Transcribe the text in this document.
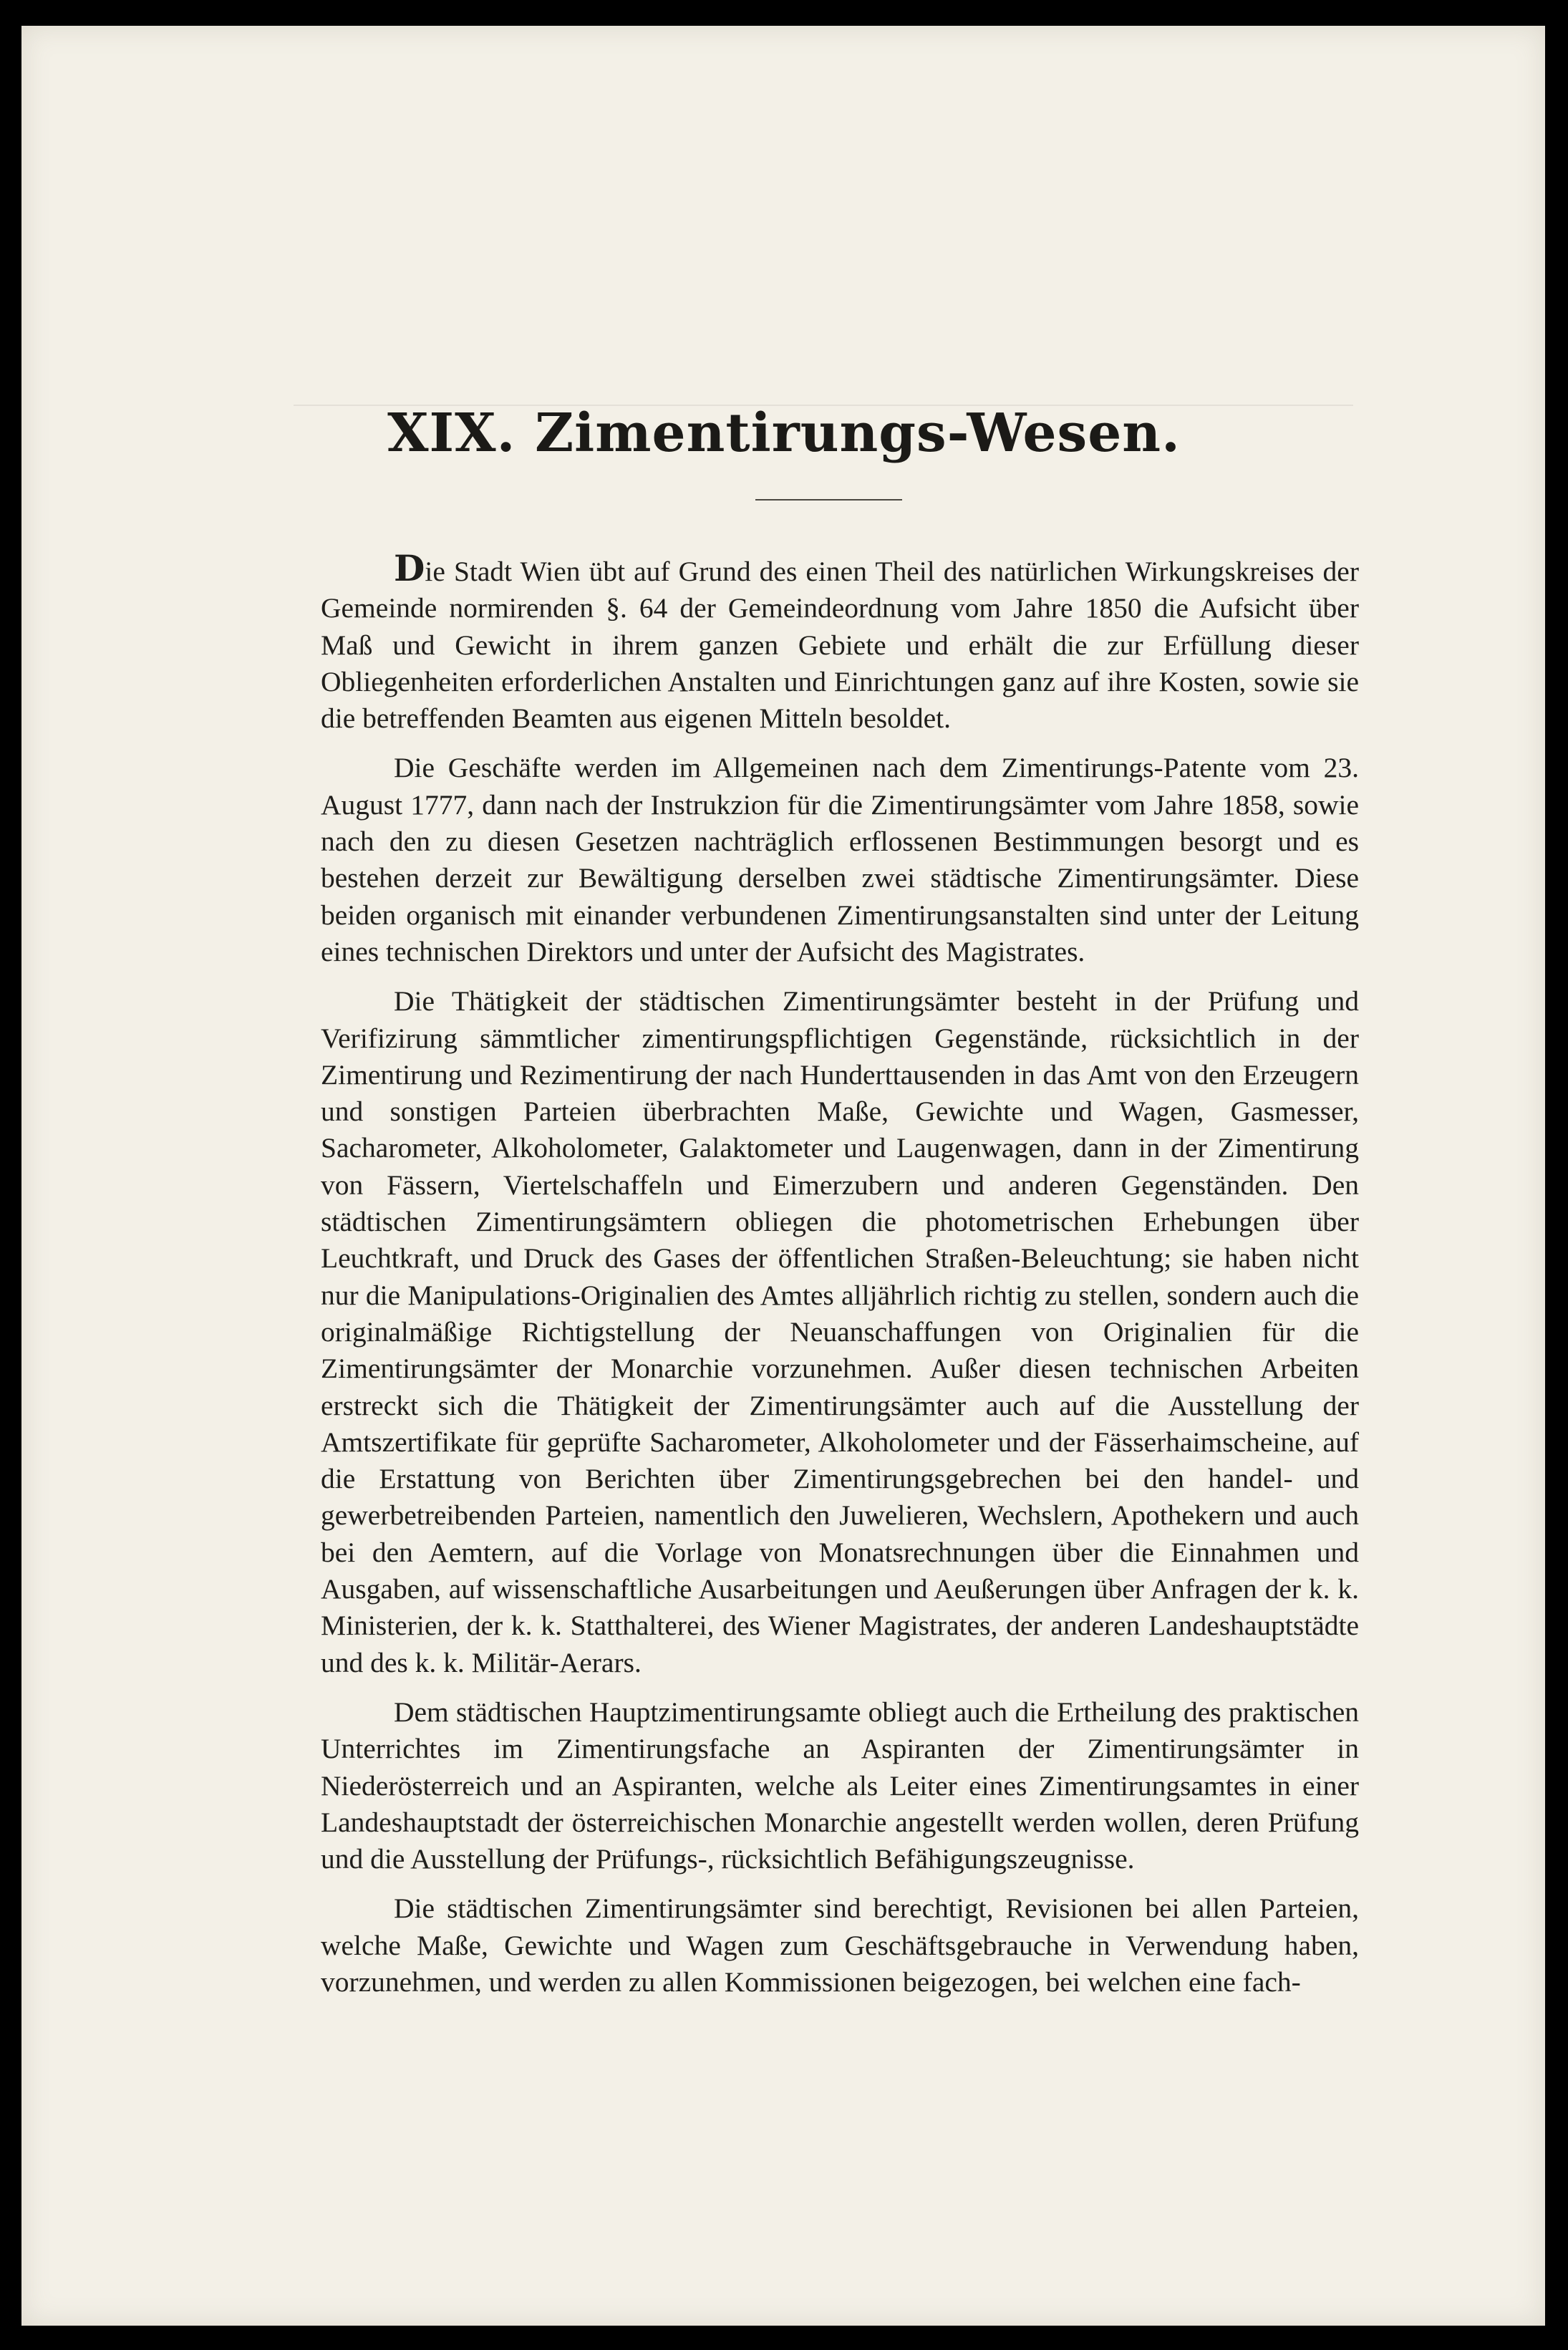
XIX. Zimentirungs-Wesen.

Die Stadt Wien übt auf Grund des einen Theil des natürlichen Wirkungskreises der Gemeinde normirenden §. 64 der Gemeindeordnung vom Jahre 1850 die Aufsicht über Maß und Gewicht in ihrem ganzen Gebiete und erhält die zur Erfüllung dieser Obliegenheiten erforderlichen Anstalten und Einrichtungen ganz auf ihre Kosten, sowie sie die betreffenden Beamten aus eigenen Mitteln besoldet.

Die Geschäfte werden im Allgemeinen nach dem Zimentirungs-Patente vom 23. August 1777, dann nach der Instrukzion für die Zimentirungsämter vom Jahre 1858, sowie nach den zu diesen Gesetzen nachträglich erflossenen Bestimmungen besorgt und es bestehen derzeit zur Bewältigung derselben zwei städtische Zimentirungsämter. Diese beiden organisch mit einander verbundenen Zimentirungsanstalten sind unter der Leitung eines technischen Direktors und unter der Aufsicht des Magistrates.

Die Thätigkeit der städtischen Zimentirungsämter besteht in der Prüfung und Verifizirung sämmtlicher zimentirungspflichtigen Gegenstände, rücksichtlich in der Zimentirung und Rezimentirung der nach Hunderttausenden in das Amt von den Erzeugern und sonstigen Parteien überbrachten Maße, Gewichte und Wagen, Gasmesser, Sacharometer, Alkoholometer, Galaktometer und Laugenwagen, dann in der Zimentirung von Fässern, Viertelschaffeln und Eimerzubern und anderen Gegenständen. Den städtischen Zimentirungsämtern obliegen die photometrischen Erhebungen über Leuchtkraft, und Druck des Gases der öffentlichen Straßen-Beleuchtung; sie haben nicht nur die Manipulations-Originalien des Amtes alljährlich richtig zu stellen, sondern auch die originalmäßige Richtigstellung der Neuanschaffungen von Originalien für die Zimentirungsämter der Monarchie vorzunehmen. Außer diesen technischen Arbeiten erstreckt sich die Thätigkeit der Zimentirungsämter auch auf die Ausstellung der Amtszertifikate für geprüfte Sacharometer, Alkoholometer und der Fässerhaimscheine, auf die Erstattung von Berichten über Zimentirungsgebrechen bei den handel- und gewerbetreibenden Parteien, namentlich den Juwelieren, Wechslern, Apothekern und auch bei den Aemtern, auf die Vorlage von Monatsrechnungen über die Einnahmen und Ausgaben, auf wissenschaftliche Ausarbeitungen und Aeußerungen über Anfragen der k. k. Ministerien, der k. k. Statthalterei, des Wiener Magistrates, der anderen Landeshauptstädte und des k. k. Militär-Aerars.

Dem städtischen Hauptzimentirungsamte obliegt auch die Ertheilung des praktischen Unterrichtes im Zimentirungsfache an Aspiranten der Zimentirungsämter in Niederösterreich und an Aspiranten, welche als Leiter eines Zimentirungsamtes in einer Landeshauptstadt der österreichischen Monarchie angestellt werden wollen, deren Prüfung und die Ausstellung der Prüfungs-, rücksichtlich Befähigungszeugnisse.

Die städtischen Zimentirungsämter sind berechtigt, Revisionen bei allen Parteien, welche Maße, Gewichte und Wagen zum Geschäftsgebrauche in Verwendung haben, vorzunehmen, und werden zu allen Kommissionen beigezogen, bei welchen eine fach-
